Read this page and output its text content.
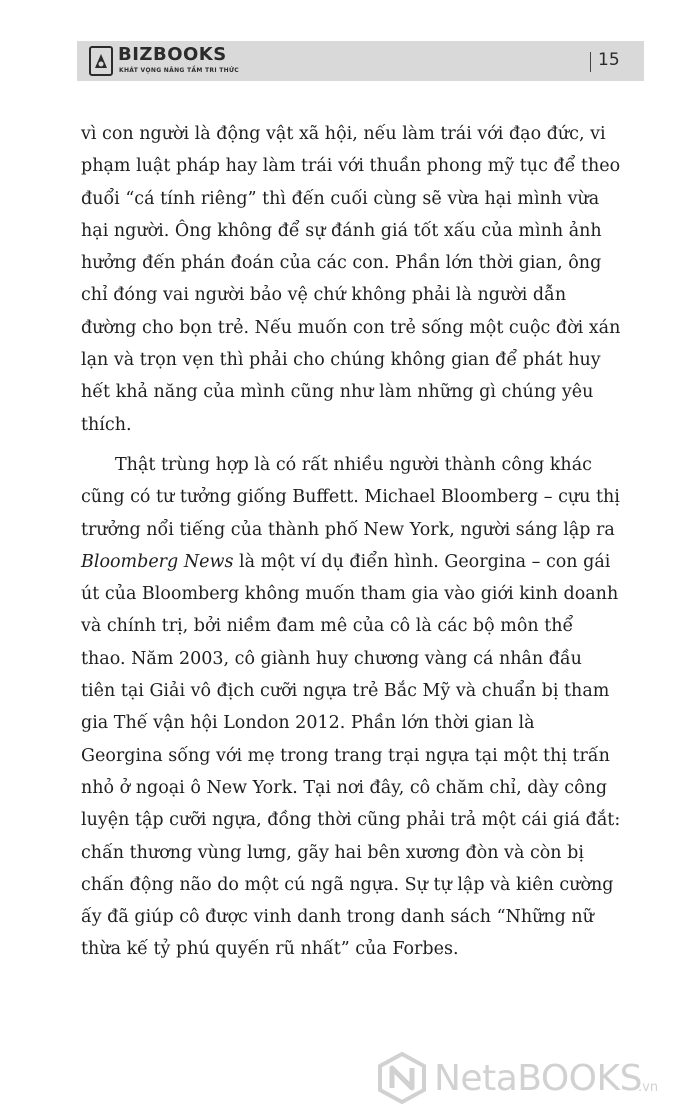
BIZBOOKS
KHÁT VỌNG NÂNG TẦM TRI THỨC
15

vì con người là động vật xã hội, nếu làm trái với đạo đức, vi phạm luật pháp hay làm trái với thuần phong mỹ tục để theo đuổi “cá tính riêng” thì đến cuối cùng sẽ vừa hại mình vừa hại người. Ông không để sự đánh giá tốt xấu của mình ảnh hưởng đến phán đoán của các con. Phần lớn thời gian, ông chỉ đóng vai người bảo vệ chứ không phải là người dẫn đường cho bọn trẻ. Nếu muốn con trẻ sống một cuộc đời xán lạn và trọn vẹn thì phải cho chúng không gian để phát huy hết khả năng của mình cũng như làm những gì chúng yêu thích.

Thật trùng hợp là có rất nhiều người thành công khác cũng có tư tưởng giống Buffett. Michael Bloomberg – cựu thị trưởng nổi tiếng của thành phố New York, người sáng lập ra Bloomberg News là một ví dụ điển hình. Georgina – con gái út của Bloomberg không muốn tham gia vào giới kinh doanh và chính trị, bởi niềm đam mê của cô là các bộ môn thể thao. Năm 2003, cô giành huy chương vàng cá nhân đầu tiên tại Giải vô địch cưỡi ngựa trẻ Bắc Mỹ và chuẩn bị tham gia Thế vận hội London 2012. Phần lớn thời gian là Georgina sống với mẹ trong trang trại ngựa tại một thị trấn nhỏ ở ngoại ô New York. Tại nơi đây, cô chăm chỉ, dày công luyện tập cưỡi ngựa, đồng thời cũng phải trả một cái giá đắt: chấn thương vùng lưng, gãy hai bên xương đòn và còn bị chấn động não do một cú ngã ngựa. Sự tự lập và kiên cường ấy đã giúp cô được vinh danh trong danh sách “Những nữ thừa kế tỷ phú quyến rũ nhất” của Forbes.

NetaBOOKS
.vn
